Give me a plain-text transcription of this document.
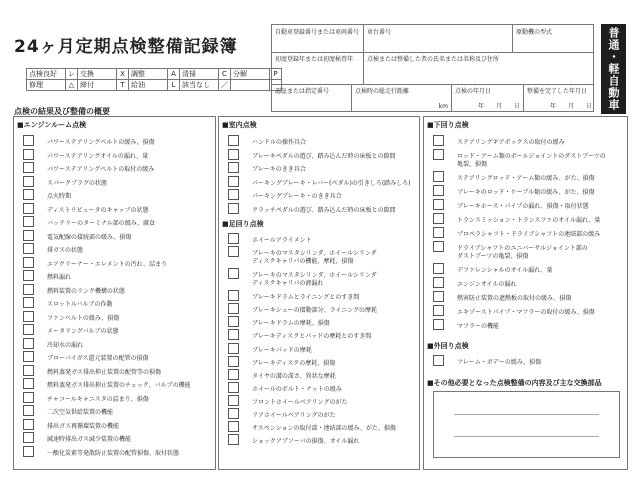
24ヶ月定期点検整備記録簿
点検良好	レ	交換	X	調整	A	清掃	C	分解	P
修理	△	締付	T	給油	L	該当なし	／		
自動車登録番号または車両番号	車台番号	原動機の型式
初度登録年または初度検査年	点検または整備した者の氏名または名称及び住所
認証または指定番号	点検時の総走行距離
km
点検の年月日
年　　月　　日
整備を完了した年月日
年　　月　　日	普通・軽自動車
点検の結果及び整備の概要
■エンジンルーム点検
パワーステアリングベルトの緩み、損傷
パワーステアリングオイルの漏れ、量
パワーステアリングベルトの取付の緩み
スパークプラグの状態
点火時期
ディストリビュータのキャップの状態
バッテリーのターミナル部の緩み、腐食
電気配線の接続部の緩み、損傷
排ガスの状態
エアクリーナー・エレメントの汚れ、詰まり
燃料漏れ
燃料装置のリンク機構の状態
スロットルバルブの作動
ファンベルトの緩み、損傷
メータリングバルブの状態
冷却水の漏れ
ブローバイガス還元装置の配管の損傷
燃料蒸発ガス排出抑止装置の配管等の損傷
燃料蒸発ガス排出抑止装置のチェック、バルブの機能
チャコールキャニスタの詰まり、損傷
二次空気供給装置の機能
排出ガス再循環装置の機能
減速時排出ガス減少装置の機能
一酸化炭素等発散防止装置の配管損傷、取付状態
■室内点検
■足回り点検
ハンドルの操作具合
ブレーキペダルの遊び、踏み込んだ時の床板との隙間
ブレーキのきき具合
パーキングブレーキ・レバー(ペダル)の引きしろ(踏みしろ)
パーキングブレーキ・のきき具合
クラッチペダルの遊び、踏み込んだ時の床板との隙間
ホイールアライメント
ブレーキのマスタシリンダ、ホイールシリンダ
ディスクキャリパの機能、摩耗、損傷
ブレーキのマスタシリンダ、ホイールシリンダ
ディスクキャリパの液漏れ
ブレーキドラムとライニングとのすき間
ブレーキシューの摺動部分、ライニングの摩耗
ブレーキドラムの摩耗、損傷
ブレーキディスクとパッドの摩耗とのすき間
ブレーキパッドの摩耗
ブレーキディスクの摩耗、損傷
タイヤの溝の深さ、異状な摩耗
ホイールのボルト・ナットの緩み
フロントホイールベアリングのがた
リアホイールベアリングのがた
サスペンションの取付部・連結部の緩み、がた、損傷
ショックアブソーバの損傷、オイル漏れ
■下回り点検
■外回り点検
■その他必要となった点検整備の内容及び主な交換部品
ステアリングギアボックスの取付の緩み
ロッド・アーム類のボールジョイントのダストブーツの
亀裂、損傷
ステアリングロッド・アーム類の緩み、がた、損傷
ブレーキのロッド・ケーブル類の緩み、がた、損傷
ブレーキホース・パイプの漏れ、損傷・取付状態
トランスミッション・トランスファのオイル漏れ、量
プロペラシャフト・ドライブシャフトの連結部の緩み
ドライブシャフトのユニバーサルジョイント部の
ダストブーツの亀裂、損傷
デファレンシャルのオイル漏れ、量
エンジンオイルの漏れ
熱害防止装置の遮熱板の取付の緩み、損傷
エキゾーストパイプ・マフラーの取付の緩み、損傷
マフラーの機能
フレーム・ボデーの緩み、損傷
